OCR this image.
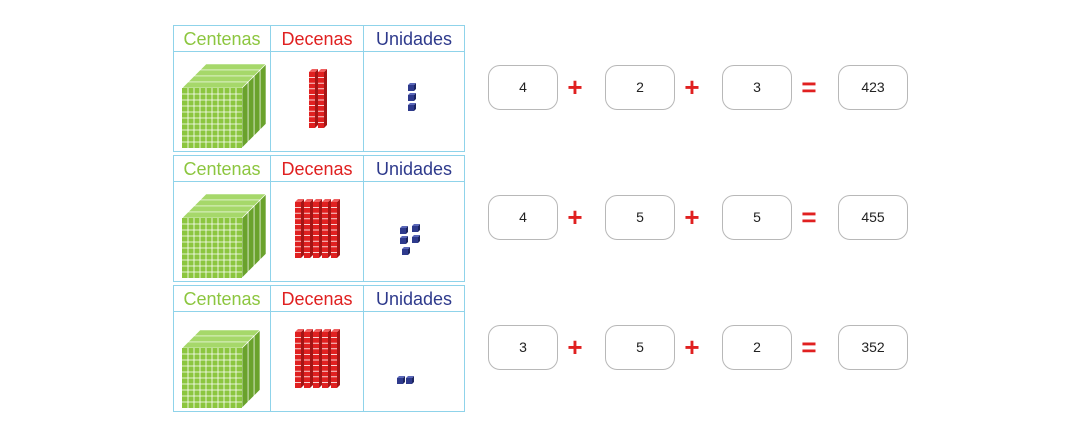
Centenas	Decenas	Unidades
4	+	2	+	3	=	423
Centenas	Decenas	Unidades
4	+	5	+	5	=	455
Centenas	Decenas	Unidades
3	+	5	+	2	=	352
